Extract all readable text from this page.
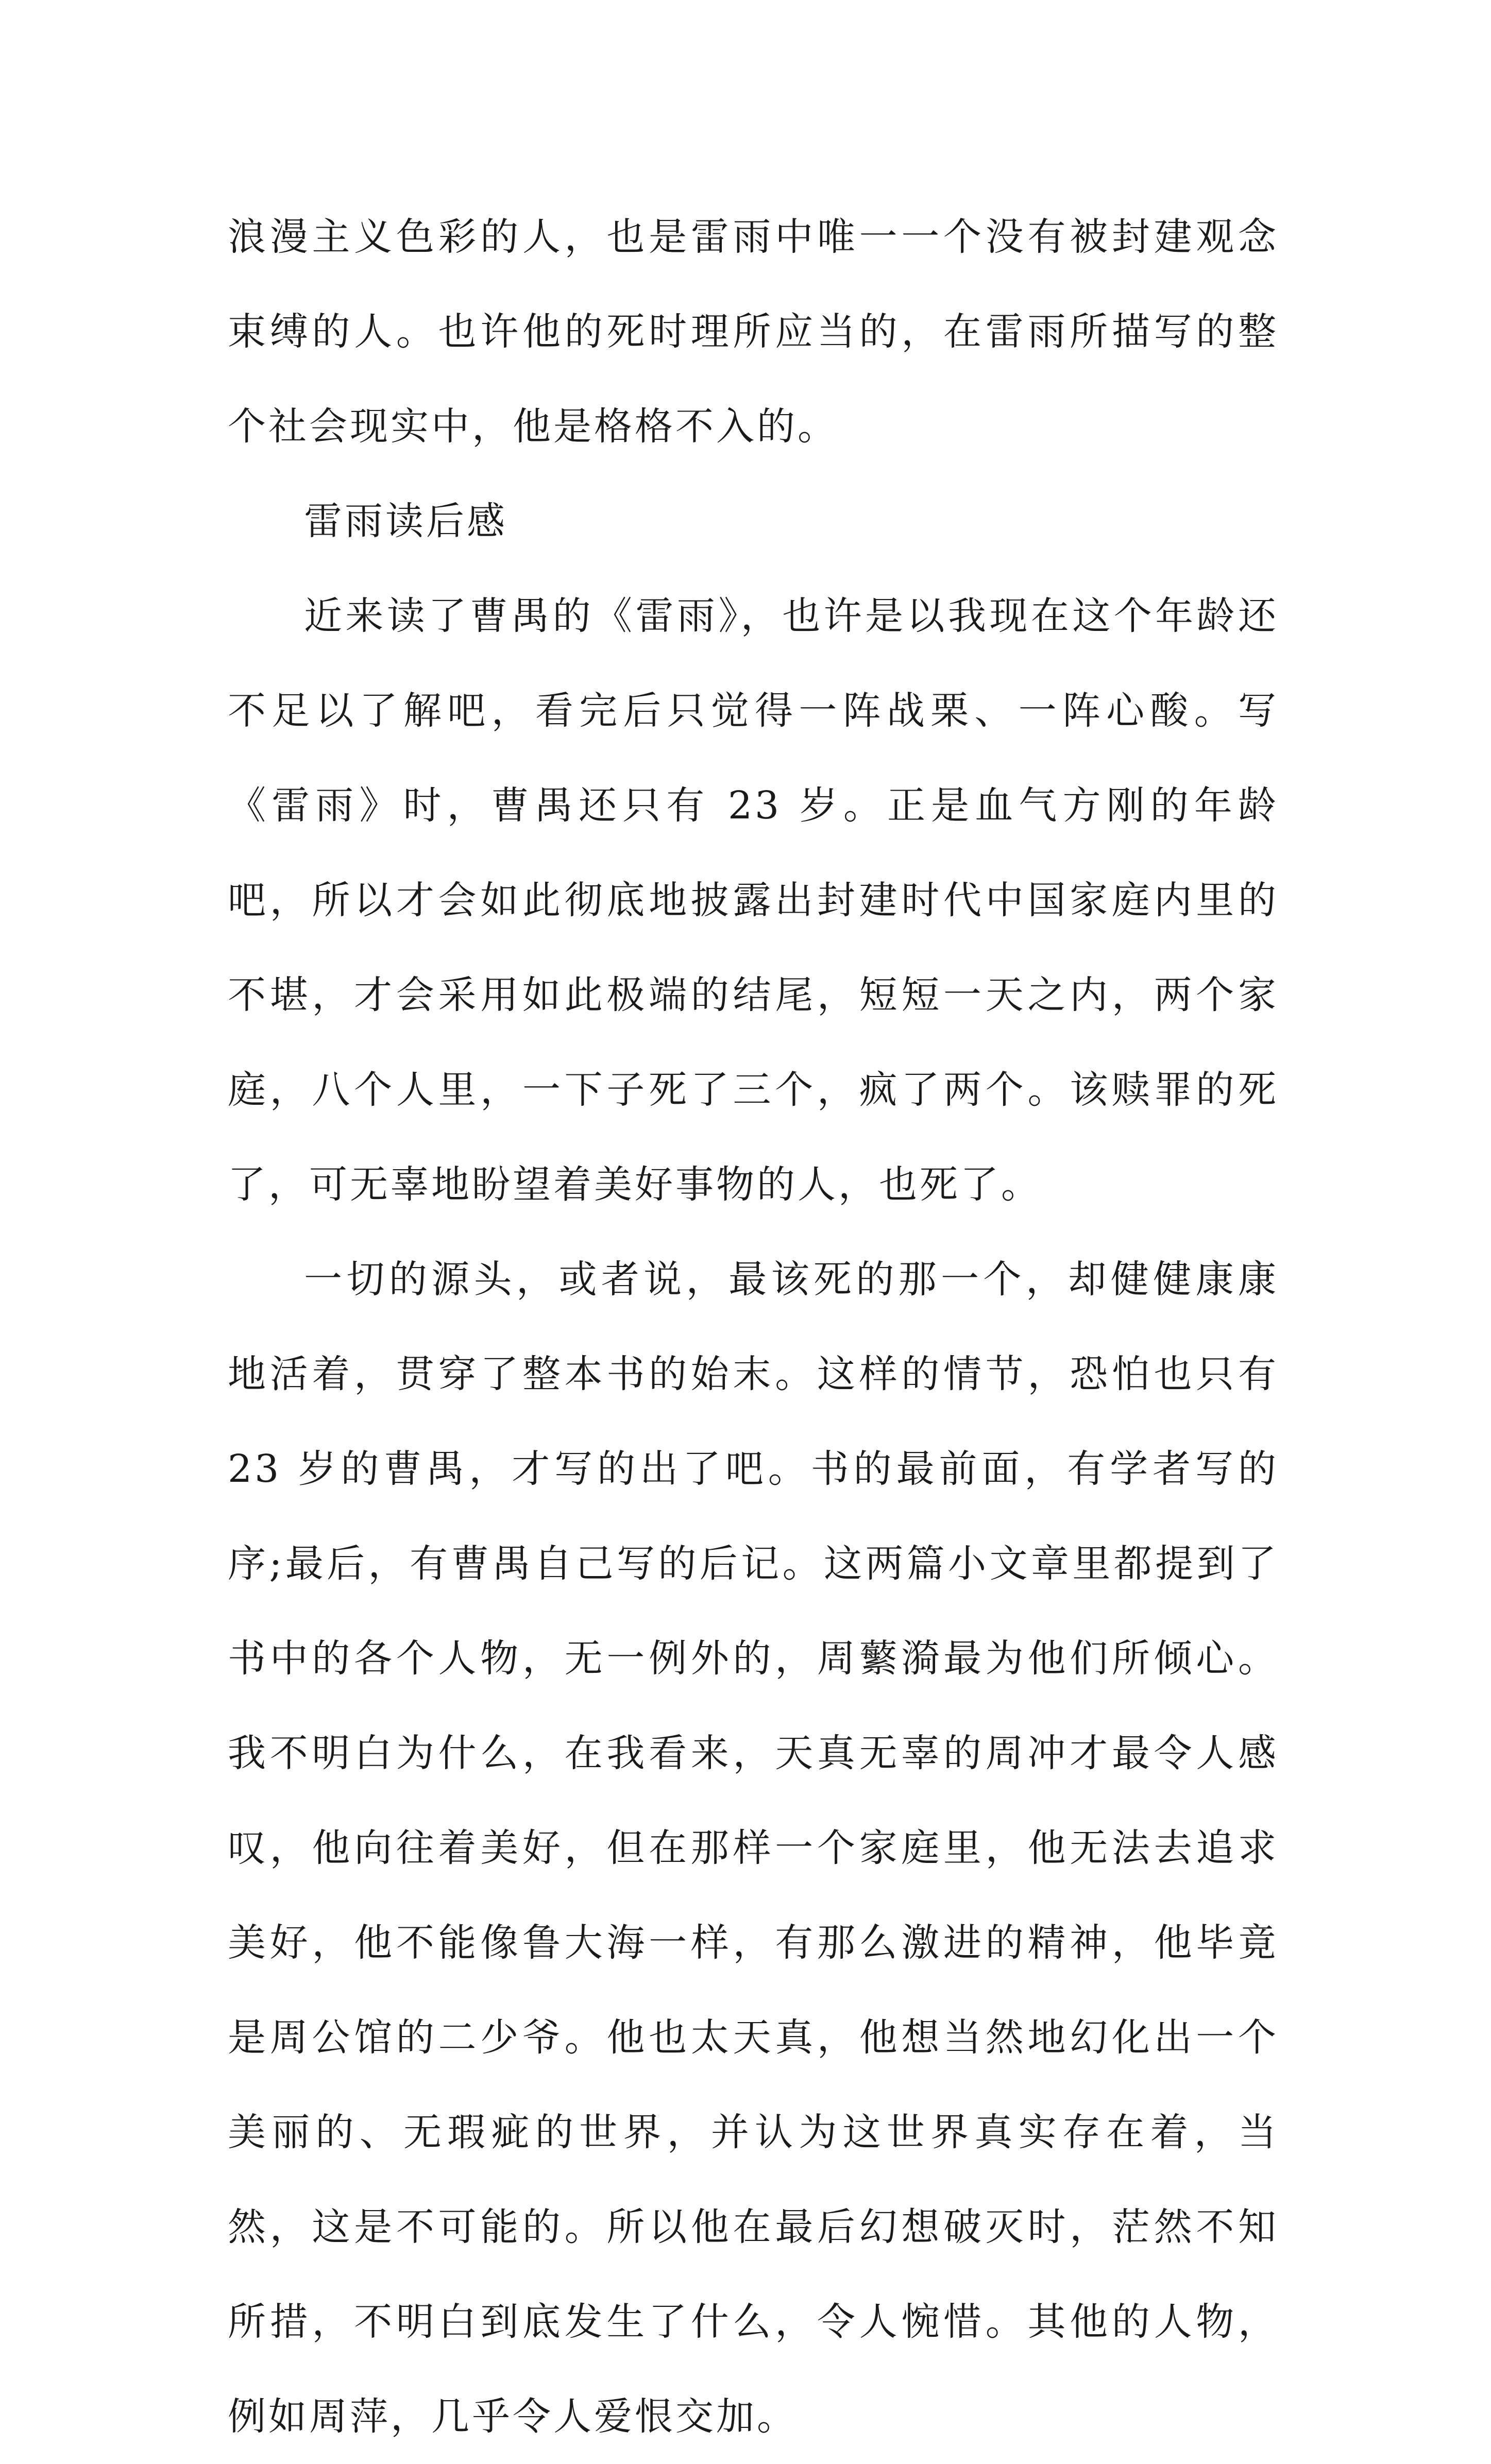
浪漫主义色彩的人，也是雷雨中唯一一个没有被封建观念束缚的人。也许他的死时理所应当的，在雷雨所描写的整个社会现实中，他是格格不入的。

雷雨读后感

近来读了曹禺的《雷雨》，也许是以我现在这个年龄还不足以了解吧，看完后只觉得一阵战栗、一阵心酸。写《雷雨》时，曹禺还只有 23 岁。正是血气方刚的年龄吧，所以才会如此彻底地披露出封建时代中国家庭内里的不堪，才会采用如此极端的结尾，短短一天之内，两个家庭，八个人里，一下子死了三个，疯了两个。该赎罪的死了，可无辜地盼望着美好事物的人，也死了。

一切的源头，或者说，最该死的那一个，却健健康康地活着，贯穿了整本书的始末。这样的情节，恐怕也只有 23 岁的曹禺，才写的出了吧。书的最前面，有学者写的序;最后，有曹禺自己写的后记。这两篇小文章里都提到了书中的各个人物，无一例外的，周蘩漪最为他们所倾心。我不明白为什么，在我看来，天真无辜的周冲才最令人感叹，他向往着美好，但在那样一个家庭里，他无法去追求美好，他不能像鲁大海一样，有那么激进的精神，他毕竟是周公馆的二少爷。他也太天真，他想当然地幻化出一个美丽的、无瑕疵的世界，并认为这世界真实存在着，当然，这是不可能的。所以他在最后幻想破灭时，茫然不知所措，不明白到底发生了什么，令人惋惜。其他的人物，例如周萍，几乎令人爱恨交加。
